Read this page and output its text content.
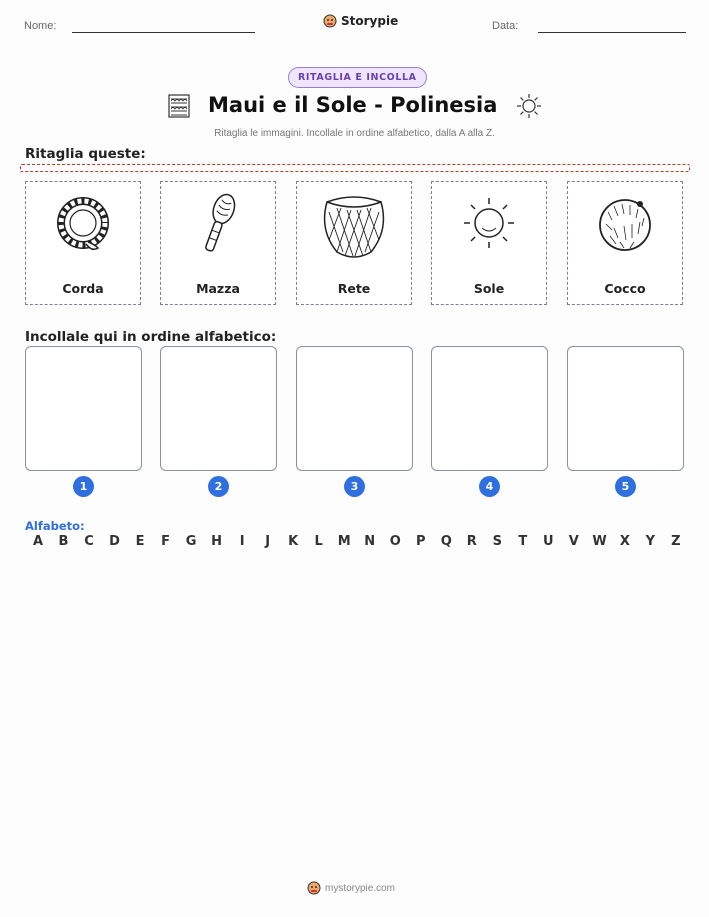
Nome:	Storypie	Data:
RITAGLIA E INCOLLA
Maui e il Sole - Polinesia
Ritaglia le immagini. Incollale in ordine alfabetico, dalla A alla Z.
Ritaglia queste:
Corda	Mazza	Rete	Sole	Cocco
Incollale qui in ordine alfabetico:
1	2	3	4	5
Alfabeto:
A B C D E F G H	I	J	K L M N O P Q R S T U V W X Y Z
mystorypie.com
